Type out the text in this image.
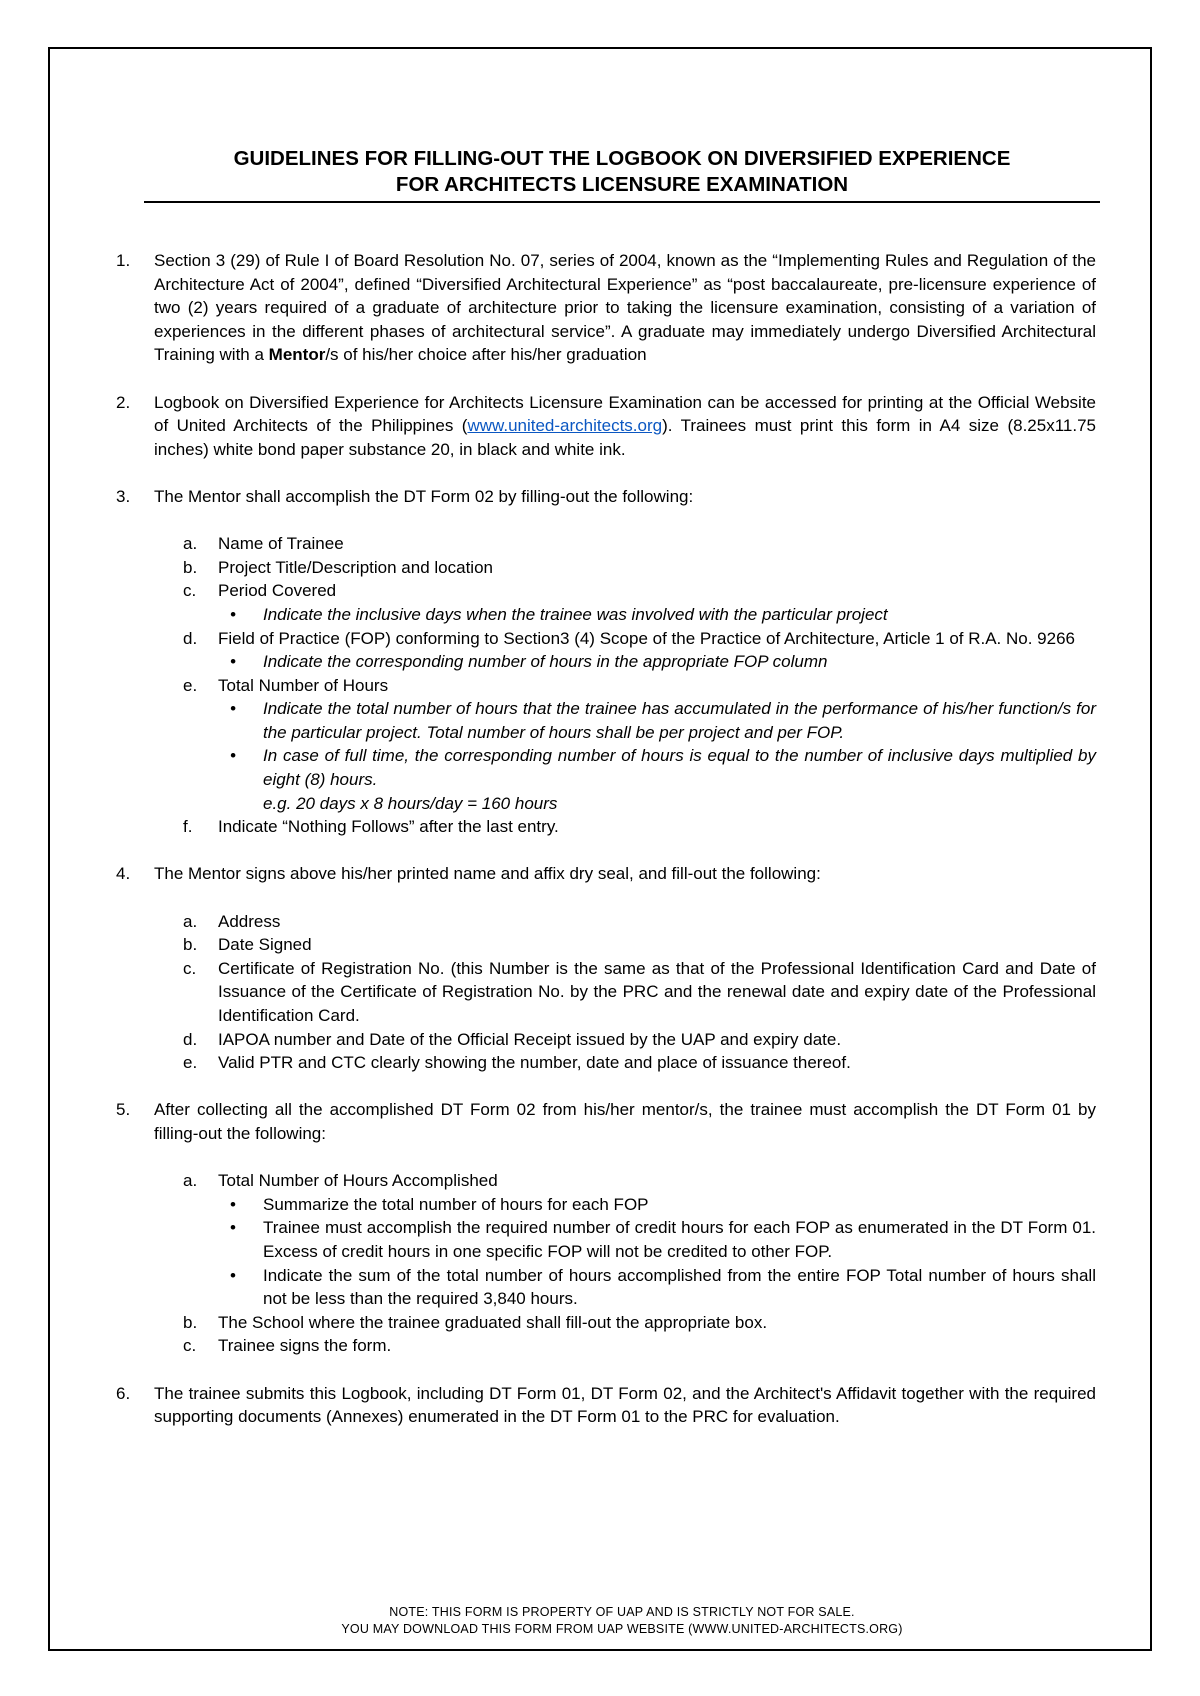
GUIDELINES FOR FILLING-OUT THE LOGBOOK ON DIVERSIFIED EXPERIENCE
FOR ARCHITECTS LICENSURE EXAMINATION
1. Section 3 (29) of Rule I of Board Resolution No. 07, series of 2004, known as the “Implementing Rules and Regulation of the Architecture Act of 2004”, defined “Diversified Architectural Experience” as “post baccalaureate, pre-licensure experience of two (2) years required of a graduate of architecture prior to taking the licensure examination, consisting of a variation of experiences in the different phases of architectural service”. A graduate may immediately undergo Diversified Architectural Training with a Mentor/s of his/her choice after his/her graduation
2. Logbook on Diversified Experience for Architects Licensure Examination can be accessed for printing at the Official Website of United Architects of the Philippines (www.united-architects.org). Trainees must print this form in A4 size (8.25x11.75 inches) white bond paper substance 20, in black and white ink.
3. The Mentor shall accomplish the DT Form 02 by filling-out the following:
a. Name of Trainee
b. Project Title/Description and location
c. Period Covered
• Indicate the inclusive days when the trainee was involved with the particular project
d. Field of Practice (FOP) conforming to Section3 (4) Scope of the Practice of Architecture, Article 1 of R.A. No. 9266
• Indicate the corresponding number of hours in the appropriate FOP column
e. Total Number of Hours
• Indicate the total number of hours that the trainee has accumulated in the performance of his/her function/s for the particular project. Total number of hours shall be per project and per FOP.
• In case of full time, the corresponding number of hours is equal to the number of inclusive days multiplied by eight (8) hours.
e.g. 20 days x 8 hours/day = 160 hours
f. Indicate “Nothing Follows” after the last entry.
4. The Mentor signs above his/her printed name and affix dry seal, and fill-out the following:
a. Address
b. Date Signed
c. Certificate of Registration No. (this Number is the same as that of the Professional Identification Card and Date of Issuance of the Certificate of Registration No. by the PRC and the renewal date and expiry date of the Professional Identification Card.
d. IAPOA number and Date of the Official Receipt issued by the UAP and expiry date.
e. Valid PTR and CTC clearly showing the number, date and place of issuance thereof.
5. After collecting all the accomplished DT Form 02 from his/her mentor/s, the trainee must accomplish the DT Form 01 by filling-out the following:
a. Total Number of Hours Accomplished
• Summarize the total number of hours for each FOP
• Trainee must accomplish the required number of credit hours for each FOP as enumerated in the DT Form 01. Excess of credit hours in one specific FOP will not be credited to other FOP.
• Indicate the sum of the total number of hours accomplished from the entire FOP Total number of hours shall not be less than the required 3,840 hours.
b. The School where the trainee graduated shall fill-out the appropriate box.
c. Trainee signs the form.
6. The trainee submits this Logbook, including DT Form 01, DT Form 02, and the Architect's Affidavit together with the required supporting documents (Annexes) enumerated in the DT Form 01 to the PRC for evaluation.
NOTE: THIS FORM IS PROPERTY OF UAP AND IS STRICTLY NOT FOR SALE.
YOU MAY DOWNLOAD THIS FORM FROM UAP WEBSITE (WWW.UNITED-ARCHITECTS.ORG)
